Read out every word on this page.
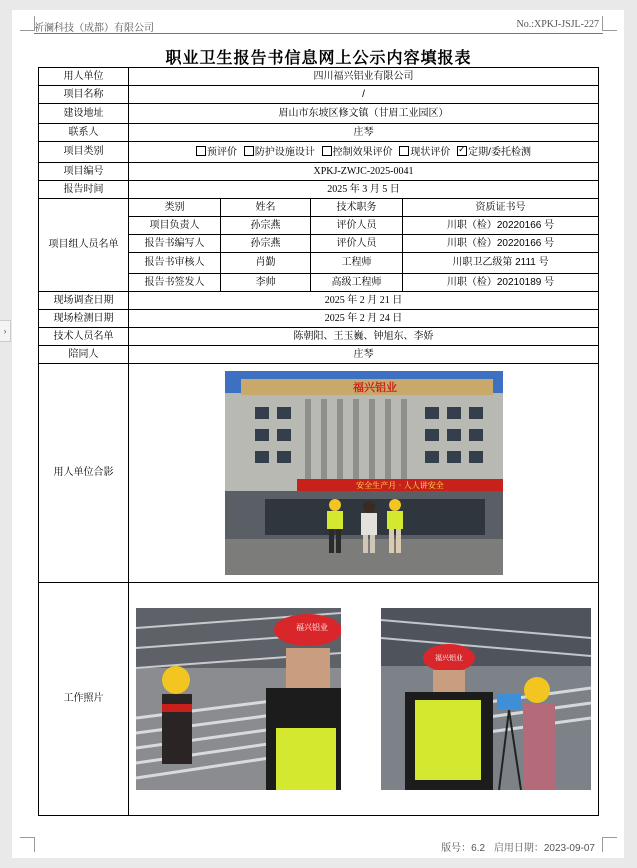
›
祈澜科技（成都）有限公司	No.:XPKJ-JSJL-227
职业卫生报告书信息网上公示内容填报表
用人单位	四川福兴铝业有限公司			
项目名称	/			
建设地址	眉山市东坡区修文镇（甘眉工业园区）			
联系人	庄琴			
项目类别	预评价 防护设施设计 控制效果评价 现状评价 ✓ 定期/委托检测
项目编号	XPKJ-ZWJC-2025-0041			
报告时间	2025 年 3 月 5 日			
项目组人员名单	类别	姓名	技术职务	资质证书号
	项目负责人	孙宗燕	评价人员	川职（检）20220166 号
	报告书编写人	孙宗燕	评价人员	川职（检）20220166 号
	报告书审核人	肖勤	工程师	川职卫乙级第 2111 号
	报告书签发人	李帅	高级工程师	川职（检）20210189 号
现场调查日期	2025 年 2 月 21 日			
现场检测日期	2025 年 2 月 24 日			
技术人员名单	陈朝阳、王玉巍、钟旭东、李娇			
陪同人	庄琴			
用人单位合影	福兴铝业
安全生产月 · 人人讲安全			

工作照片	福兴铝业
福兴铝业			
版号：6.2 启用日期：2023-09-07
